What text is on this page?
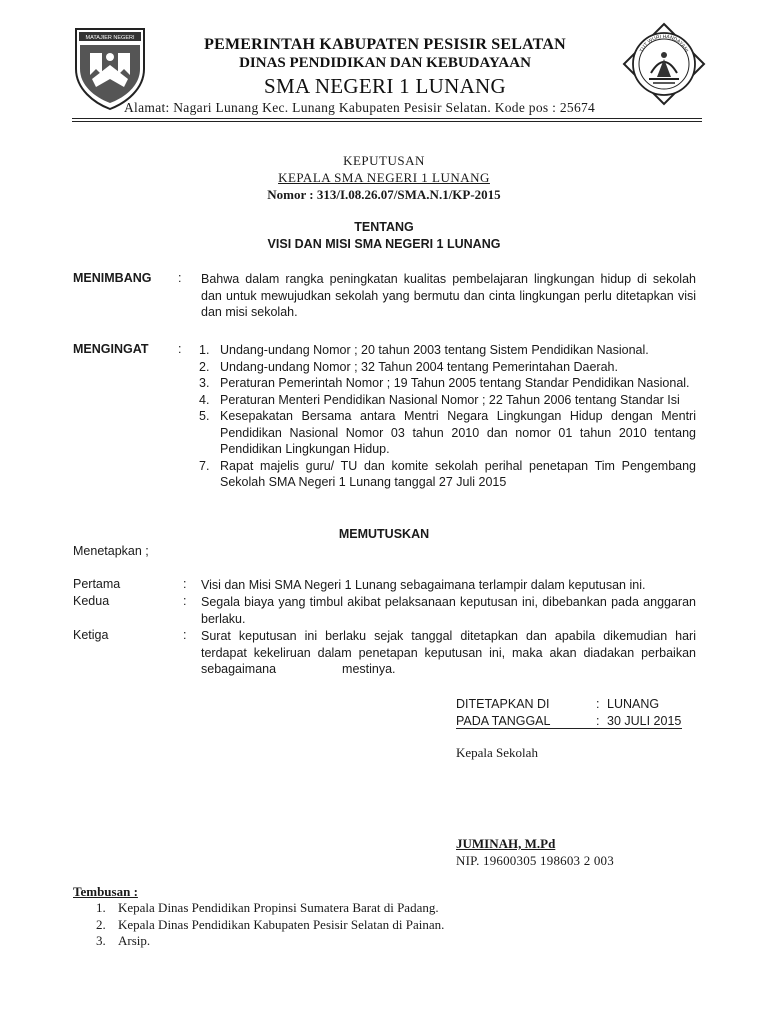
MATAJIER NEGERI
TUT WURI HANDAYANI
PEMERINTAH KABUPATEN PESISIR SELATAN
DINAS PENDIDIKAN DAN KEBUDAYAAN
SMA NEGERI 1 LUNANG
Alamat: Nagari Lunang Kec. Lunang Kabupaten Pesisir Selatan. Kode pos : 25674
KEPUTUSAN
KEPALA SMA NEGERI 1 LUNANG
Nomor : 313/I.08.26.07/SMA.N.1/KP-2015
TENTANG
VISI DAN MISI SMA NEGERI 1 LUNANG
MENIMBANG : Bahwa dalam rangka peningkatan kualitas pembelajaran lingkungan hidup di sekolah dan untuk mewujudkan sekolah yang bermutu dan cinta lingkungan perlu ditetapkan visi dan misi sekolah.
MENGINGAT : 1. Undang-undang Nomor ; 20 tahun 2003 tentang Sistem Pendidikan Nasional.
2. Undang-undang Nomor ; 32 Tahun 2004 tentang Pemerintahan Daerah.
3. Peraturan Pemerintah Nomor ; 19 Tahun 2005 tentang Standar Pendidikan Nasional.
4. Peraturan Menteri Pendidikan Nasional Nomor ; 22 Tahun 2006 tentang Standar Isi
5. Kesepakatan Bersama antara Mentri Negara Lingkungan Hidup dengan Mentri Pendidikan Nasional Nomor 03 tahun 2010 dan nomor 01 tahun 2010 tentang Pendidikan Lingkungan Hidup.
7. Rapat majelis guru/ TU dan komite sekolah perihal penetapan Tim Pengembang Sekolah SMA Negeri 1 Lunang tanggal 27 Juli 2015
MEMUTUSKAN
Menetapkan ;
Pertama	: Visi dan Misi SMA Negeri 1 Lunang sebagaimana terlampir dalam keputusan ini.
Kedua	: Segala biaya yang timbul akibat pelaksanaan keputusan ini, dibebankan pada anggaran berlaku.
Ketiga	: Surat keputusan ini berlaku sejak tanggal ditetapkan dan apabila dikemudian hari terdapat kekeliruan dalam penetapan keputusan ini, maka akan diadakan perbaikan sebagaimana                   mestinya.
DITETAPKAN DI	: LUNANG
PADA TANGGAL	: 30 JULI 2015
Kepala Sekolah
JUMINAH, M.Pd
NIP. 19600305 198603 2 003
Tembusan :
1. Kepala Dinas Pendidikan Propinsi Sumatera Barat di Padang.
2. Kepala Dinas Pendidikan Kabupaten Pesisir Selatan di Painan.
3. Arsip.
